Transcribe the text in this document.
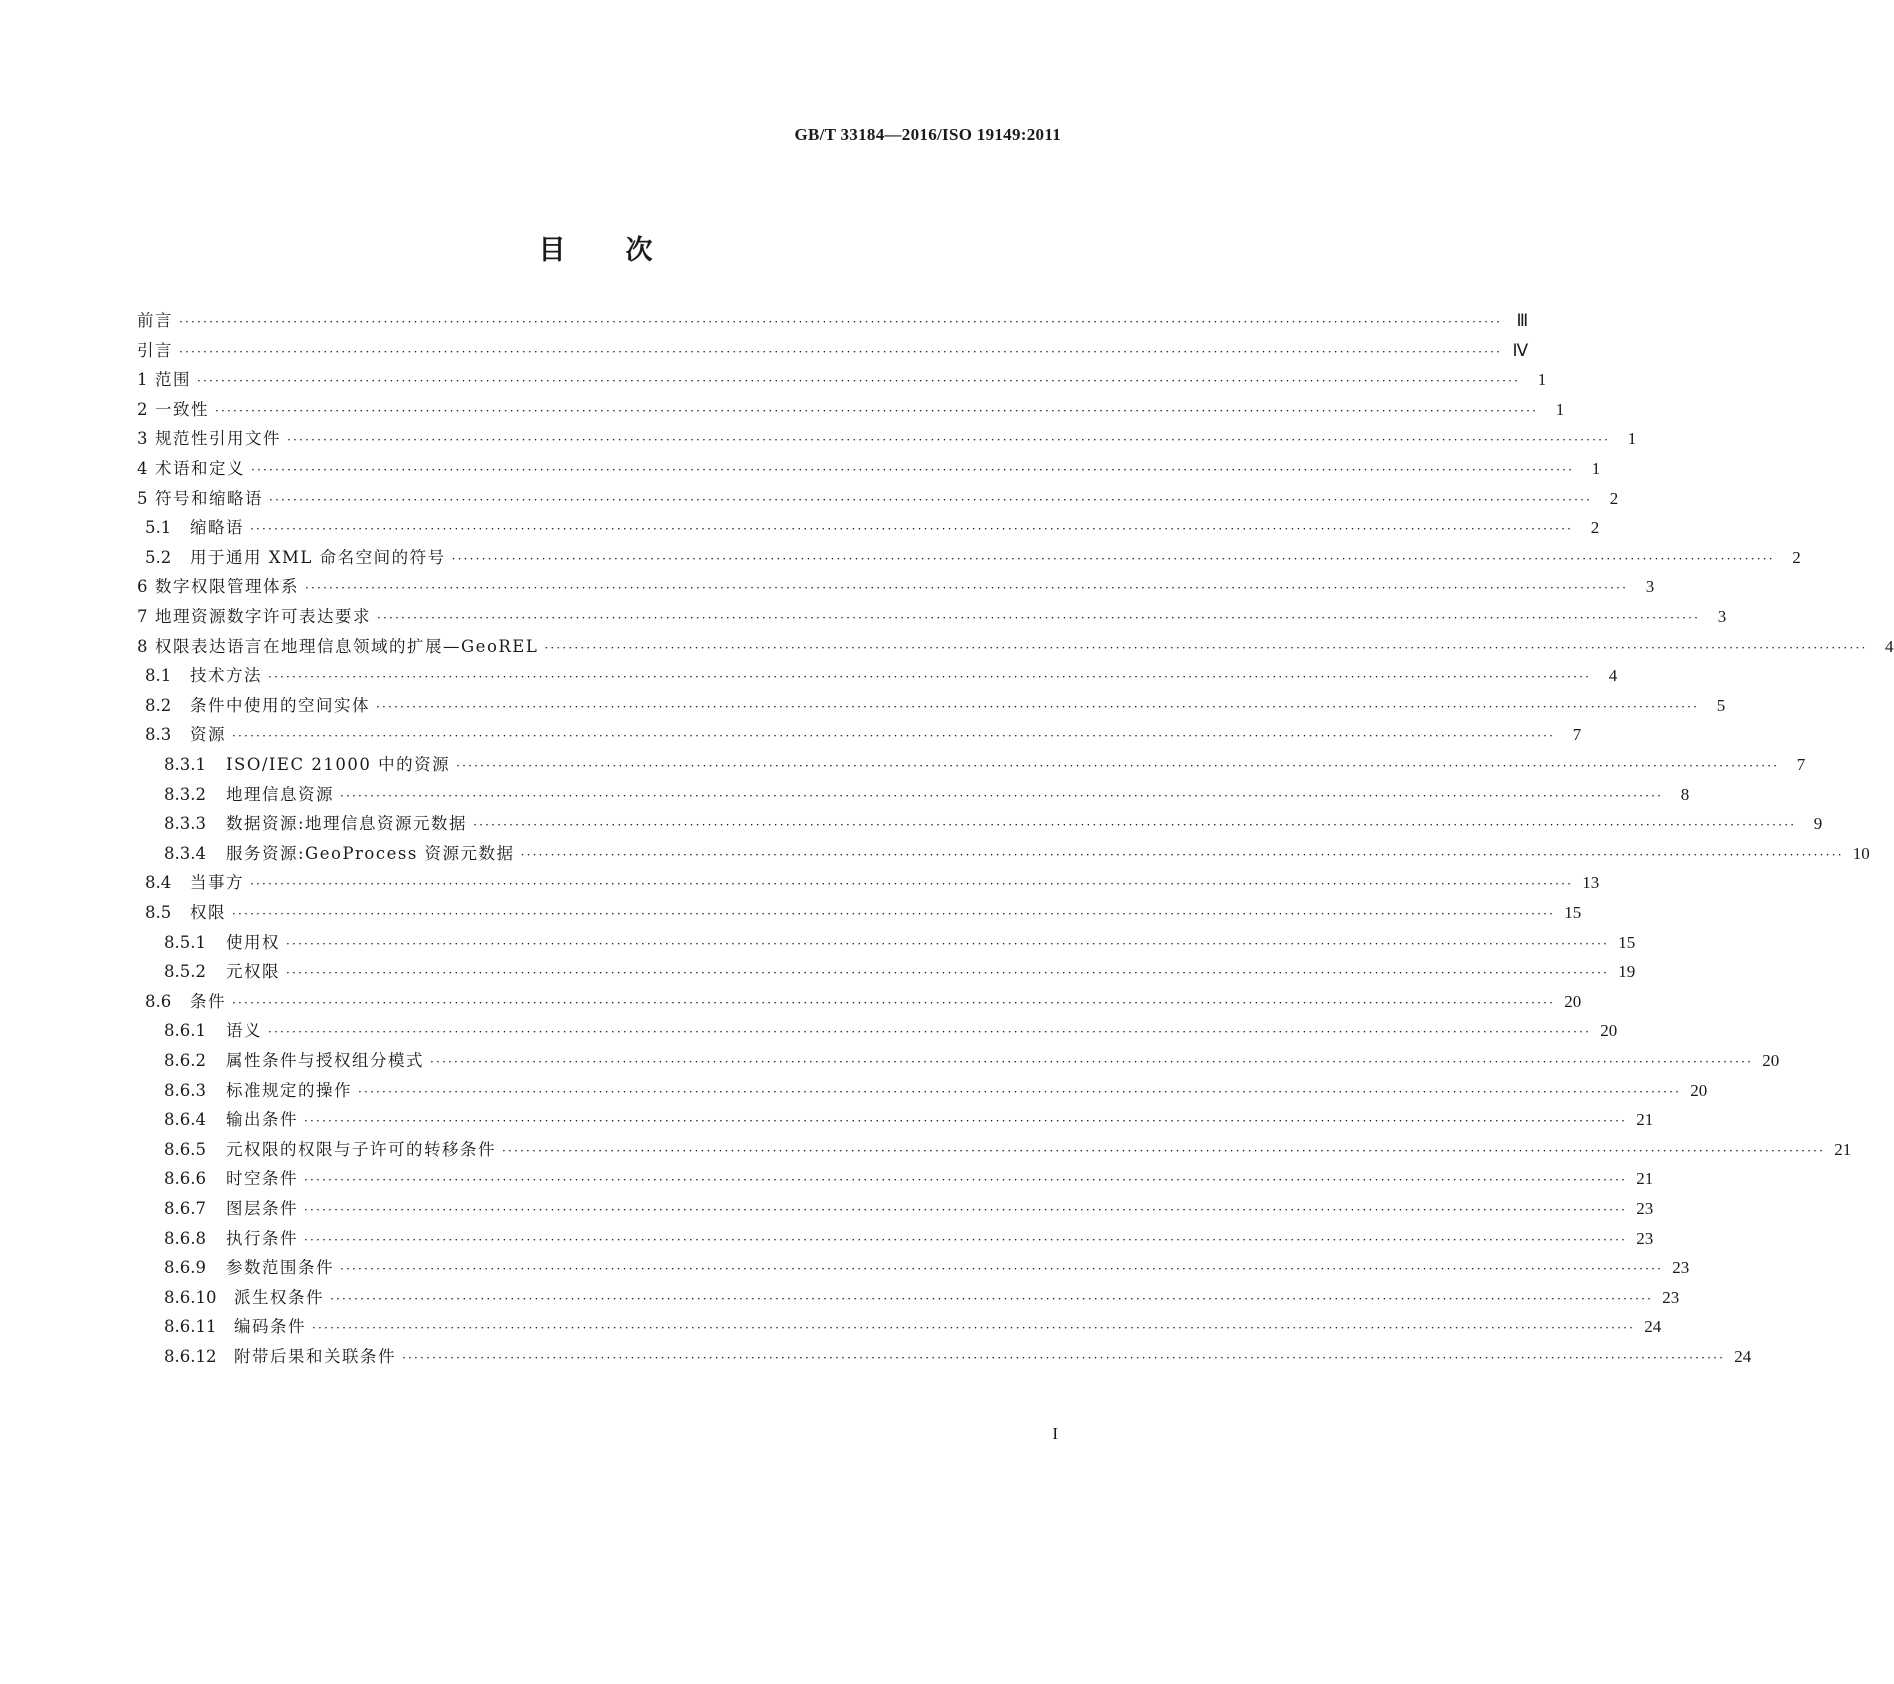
GB/T 33184—2016/ISO 19149:2011
目次
前言 ···························································································································································································································· Ⅲ
引言 ···························································································································································································································· Ⅳ
1 范围 ····························································································································································································································	1
2 一致性 ····························································································································································································································	1
3 规范性引用文件 ····························································································································································································································	1
4 术语和定义 ····························································································································································································································	1
5 符号和缩略语 ····························································································································································································································	2
5.1	缩略语 ····························································································································································································································	2
5.2	用于通用 XML 命名空间的符号 ····························································································································································································································	2
6 数字权限管理体系 ····························································································································································································································	3
7 地理资源数字许可表达要求 ····························································································································································································································	3
8 权限表达语言在地理信息领域的扩展—GeoREL ····························································································································································································································	4
8.1	技术方法 ····························································································································································································································	4
8.2	条件中使用的空间实体 ····························································································································································································································	5
8.3	资源 ····························································································································································································································	7
8.3.1	ISO/IEC 21000 中的资源 ····························································································································································································································	7
8.3.2	地理信息资源 ····························································································································································································································	8
8.3.3	数据资源:地理信息资源元数据 ····························································································································································································································	9
8.3.4	服务资源:GeoProcess 资源元数据 ···························································································································································································································· 10
8.4	当事方 ···························································································································································································································· 13
8.5	权限 ···························································································································································································································· 15
8.5.1	使用权 ···························································································································································································································· 15
8.5.2	元权限 ···························································································································································································································· 19
8.6	条件 ···························································································································································································································· 20
8.6.1	语义 ···························································································································································································································· 20
8.6.2	属性条件与授权组分模式 ···························································································································································································································· 20
8.6.3	标准规定的操作 ···························································································································································································································· 20
8.6.4	输出条件 ···························································································································································································································· 21
8.6.5	元权限的权限与子许可的转移条件 ···························································································································································································································· 21
8.6.6	时空条件 ···························································································································································································································· 21
8.6.7	图层条件 ···························································································································································································································· 23
8.6.8	执行条件 ···························································································································································································································· 23
8.6.9	参数范围条件 ···························································································································································································································· 23
8.6.10	派生权条件 ···························································································································································································································· 23
8.6.11	编码条件 ···························································································································································································································· 24
8.6.12	附带后果和关联条件 ···························································································································································································································· 24
I
